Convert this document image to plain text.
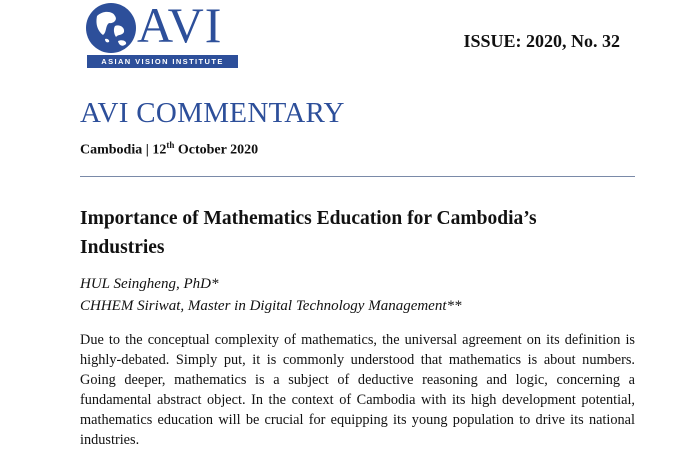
AVI
ASIAN VISION INSTITUTE
ISSUE: 2020, No. 32
AVI COMMENTARY
Cambodia | 12th October 2020
Importance of Mathematics Education for Cambodia’s Industries
HUL Seingheng, PhD*
CHHEM Siriwat, Master in Digital Technology Management**

Due to the conceptual complexity of mathematics, the universal agreement on its definition is highly-debated. Simply put, it is commonly understood that mathematics is about numbers. Going deeper, mathematics is a subject of deductive reasoning and logic, concerning a fundamental abstract object. In the context of Cambodia with its high development potential, mathematics education will be crucial for equipping its young population to drive its national industries.
